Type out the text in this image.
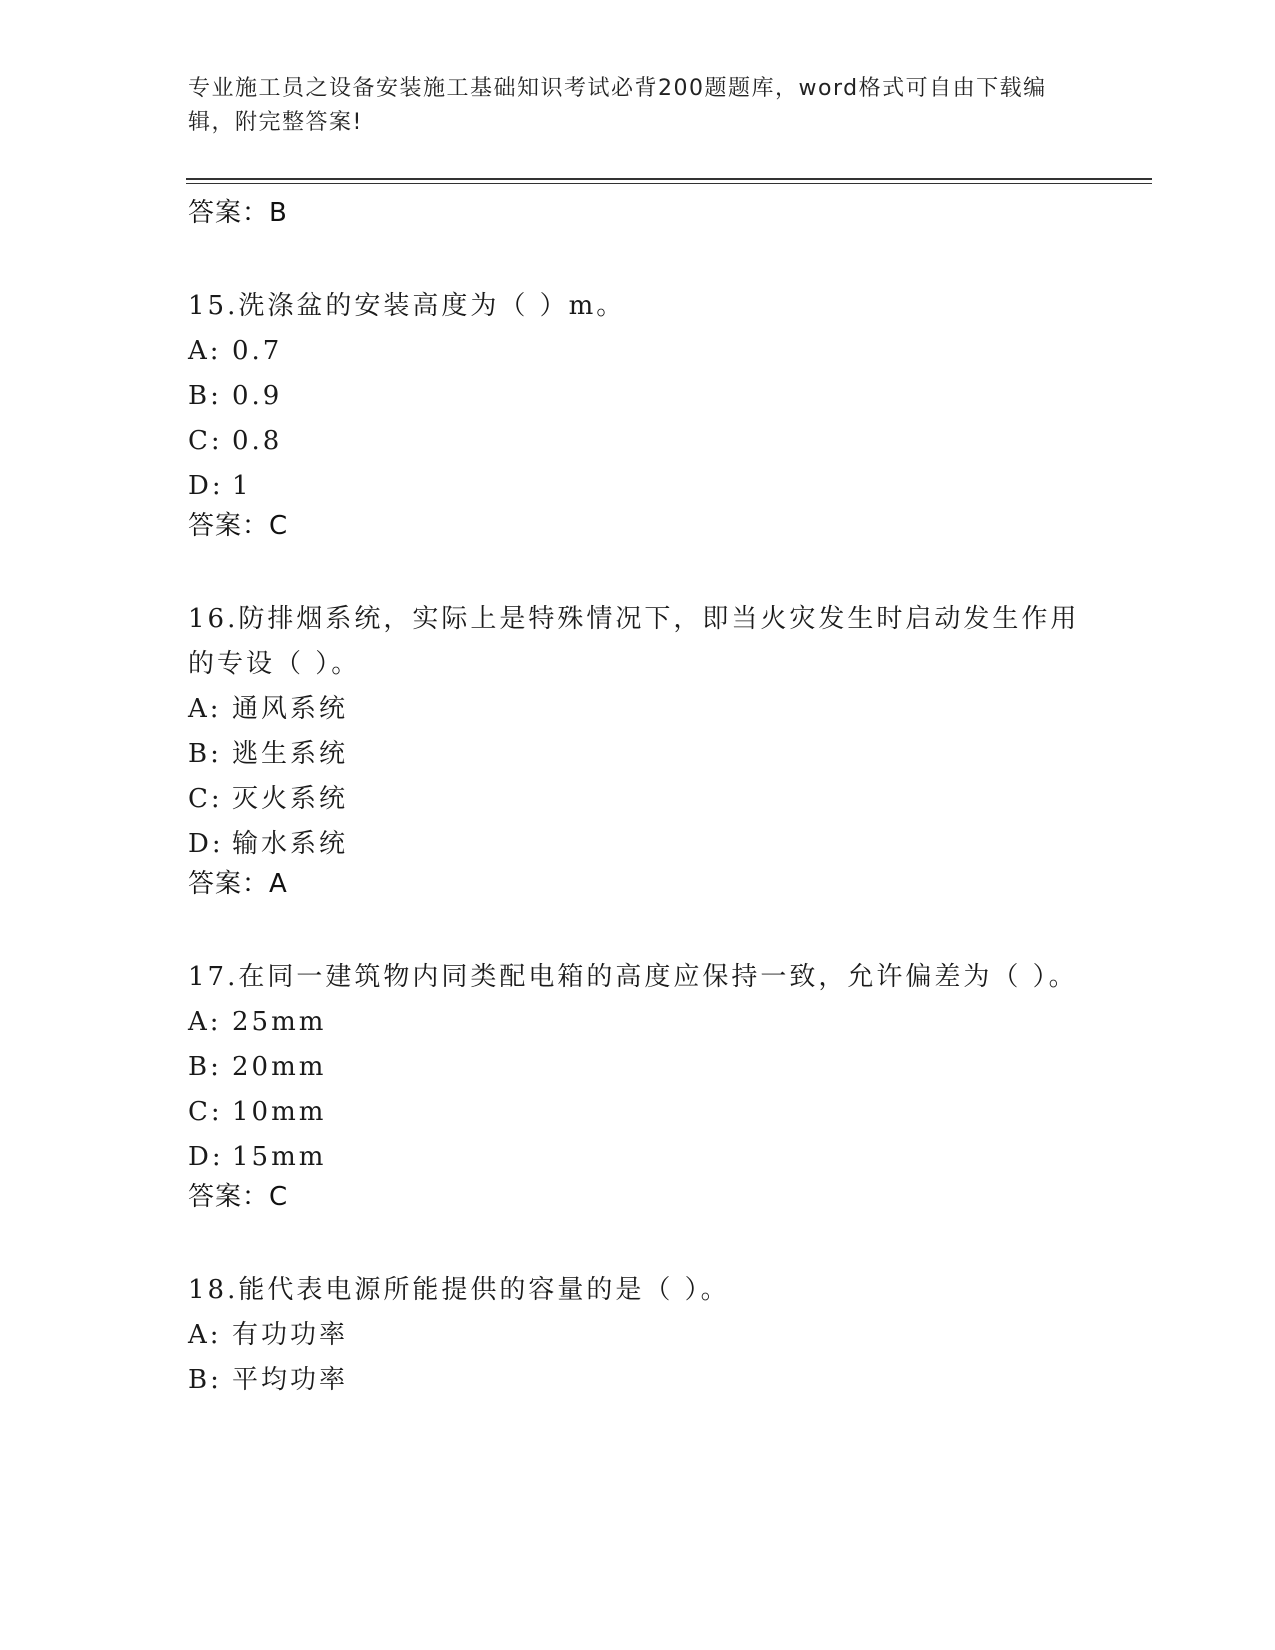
专业施工员之设备安装施工基础知识考试必背200题题库，word格式可自由下载编辑，附完整答案!
答案：B
15.洗涤盆的安装高度为（ ）m。
A: 0.7
B: 0.9
C: 0.8
D: 1
答案：C
16.防排烟系统，实际上是特殊情况下，即当火灾发生时启动发生作用的专设（ ）。
A: 通风系统
B: 逃生系统
C: 灭火系统
D: 输水系统
答案：A
17.在同一建筑物内同类配电箱的高度应保持一致，允许偏差为（ ）。
A: 25mm
B: 20mm
C: 10mm
D: 15mm
答案：C
18.能代表电源所能提供的容量的是（ ）。
A: 有功功率
B: 平均功率
